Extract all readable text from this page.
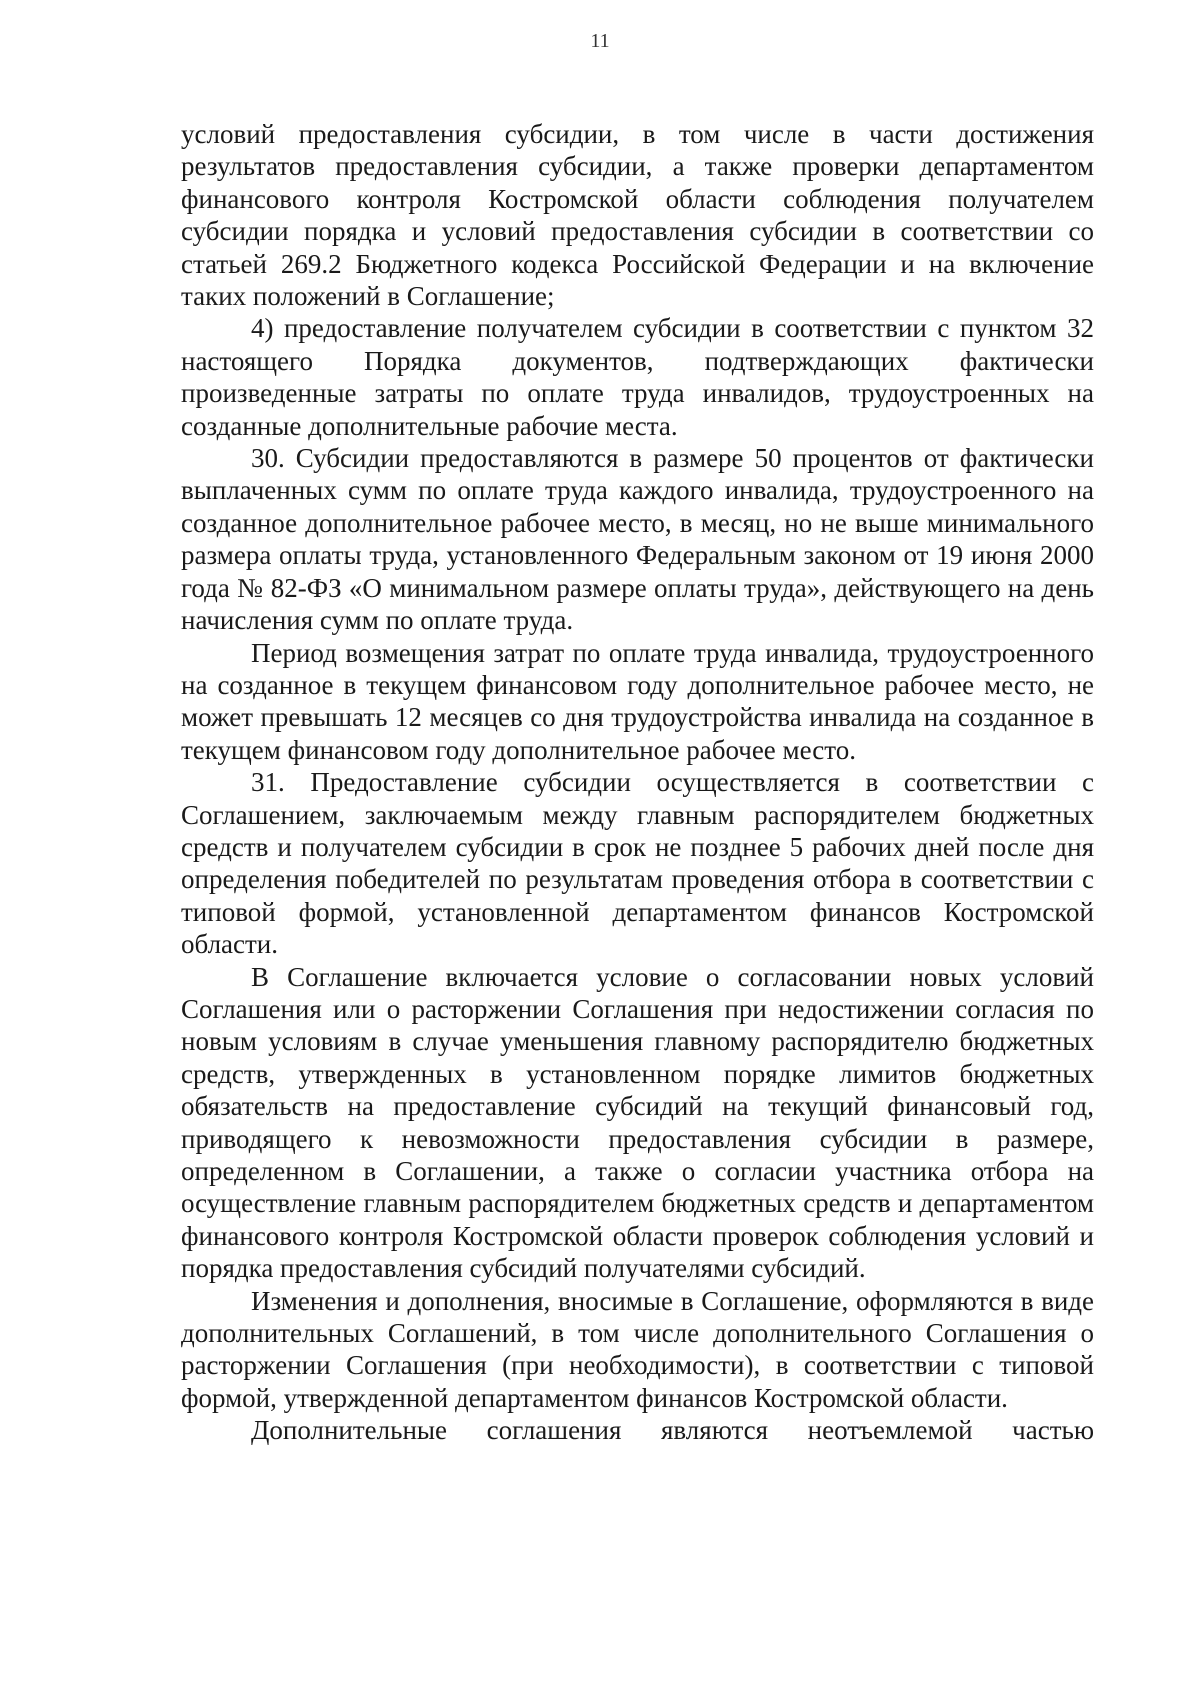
11

условий предоставления субсидии, в том числе в части достижения результатов предоставления субсидии, а также проверки департаментом финансового контроля Костромской области соблюдения получателем субсидии порядка и условий предоставления субсидии в соответствии со статьей 269.2 Бюджетного кодекса Российской Федерации и на включение таких положений в Соглашение;

4) предоставление получателем субсидии в соответствии с пунктом 32 настоящего Порядка документов, подтверждающих фактически произведенные затраты по оплате труда инвалидов, трудоустроенных на созданные дополнительные рабочие места.

30. Субсидии предоставляются в размере 50 процентов от фактически выплаченных сумм по оплате труда каждого инвалида, трудоустроенного на созданное дополнительное рабочее место, в месяц, но не выше минимального размера оплаты труда, установленного Федеральным законом от 19 июня 2000 года № 82-ФЗ «О минимальном размере оплаты труда», действующего на день начисления сумм по оплате труда.

Период возмещения затрат по оплате труда инвалида, трудоустроенного на созданное в текущем финансовом году дополнительное рабочее место, не может превышать 12 месяцев со дня трудоустройства инвалида на созданное в текущем финансовом году дополнительное рабочее место.

31. Предоставление субсидии осуществляется в соответствии с Соглашением, заключаемым между главным распорядителем бюджетных средств и получателем субсидии в срок не позднее 5 рабочих дней после дня определения победителей по результатам проведения отбора в соответствии с типовой формой, установленной департаментом финансов Костромской области.

В Соглашение включается условие о согласовании новых условий Соглашения или о расторжении Соглашения при недостижении согласия по новым условиям в случае уменьшения главному распорядителю бюджетных средств, утвержденных в установленном порядке лимитов бюджетных обязательств на предоставление субсидий на текущий финансовый год, приводящего к невозможности предоставления субсидии в размере, определенном в Соглашении, а также о согласии участника отбора на осуществление главным распорядителем бюджетных средств и департаментом финансового контроля Костромской области проверок соблюдения условий и порядка предоставления субсидий получателями субсидий.

Изменения и дополнения, вносимые в Соглашение, оформляются в виде дополнительных Соглашений, в том числе дополнительного Соглашения о расторжении Соглашения (при необходимости), в соответствии с типовой формой, утвержденной департаментом финансов Костромской области.

Дополнительные соглашения являются неотъемлемой частью
